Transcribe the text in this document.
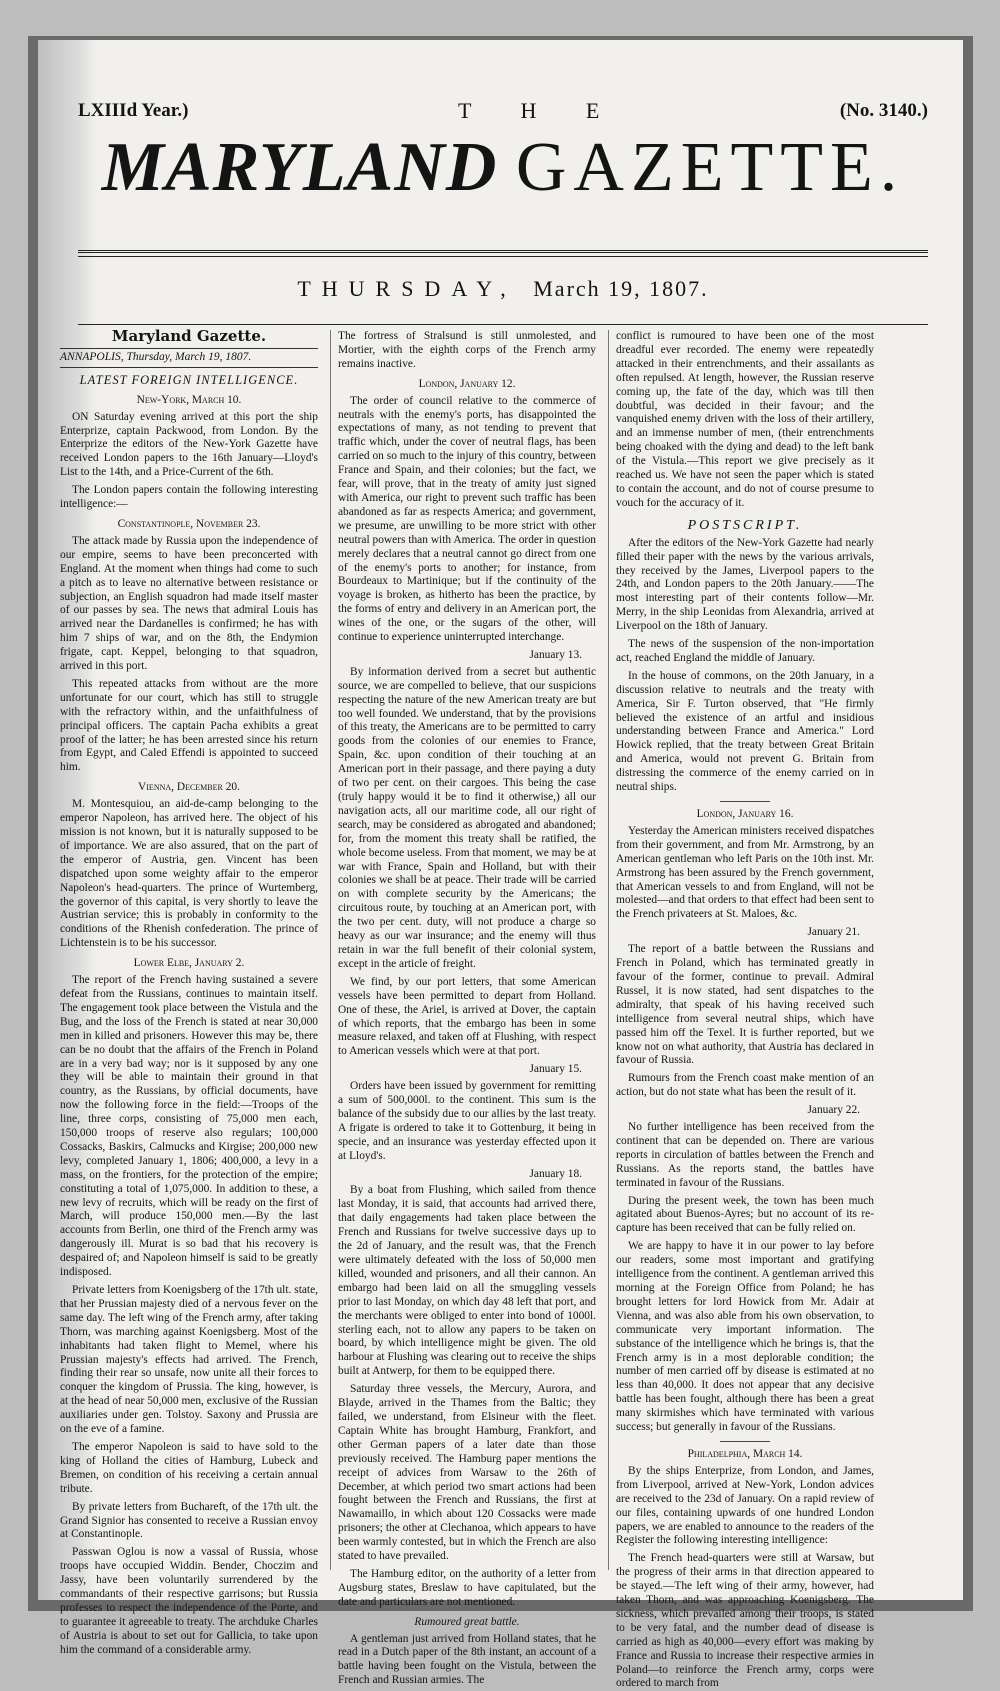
LXIIId Year.)	T H E	(No. 3140.)
MARYLAND GAZETTE.
THURSDAY, March 19, 1807.
Maryland Gazette.
ANNAPOLIS, Thursday, March 19, 1807.
LATEST FOREIGN INTELLIGENCE.
New-York, March 10.

ON Saturday evening arrived at this port the ship Enterprize, captain Packwood, from London. By the Enterprize the editors of the New-York Gazette have received London papers to the 16th January—Lloyd's List to the 14th, and a Price-Current of the 6th.

The London papers contain the following interesting intelligence:—

Constantinople, November 23.

The attack made by Russia upon the independence of our empire, seems to have been preconcerted with England. At the moment when things had come to such a pitch as to leave no alternative between resistance or subjection, an English squadron had made itself master of our passes by sea. The news that admiral Louis has arrived near the Dardanelles is confirmed; he has with him 7 ships of war, and on the 8th, the Endymion frigate, capt. Keppel, belonging to that squadron, arrived in this port.

This repeated attacks from without are the more unfortunate for our court, which has still to struggle with the refractory within, and the unfaithfulness of principal officers. The captain Pacha exhibits a great proof of the latter; he has been arrested since his return from Egypt, and Caled Effendi is appointed to succeed him.

Vienna, December 20.

M. Montesquiou, an aid-de-camp belonging to the emperor Napoleon, has arrived here. The object of his mission is not known, but it is naturally supposed to be of importance. We are also assured, that on the part of the emperor of Austria, gen. Vincent has been dispatched upon some weighty affair to the emperor Napoleon's head-quarters. The prince of Wurtemberg, the governor of this capital, is very shortly to leave the Austrian service; this is probably in conformity to the conditions of the Rhenish confederation. The prince of Lichtenstein is to be his successor.

Lower Elbe, January 2.

The report of the French having sustained a severe defeat from the Russians, continues to maintain itself. The engagement took place between the Vistula and the Bug, and the loss of the French is stated at near 30,000 men in killed and prisoners. However this may be, there can be no doubt that the affairs of the French in Poland are in a very bad way; nor is it supposed by any one they will be able to maintain their ground in that country, as the Russians, by official documents, have now the following force in the field:—Troops of the line, three corps, consisting of 75,000 men each, 150,000 troops of reserve also regulars; 100,000 Cossacks, Baskirs, Calmucks and Kirgise; 200,000 new levy, completed January 1, 1806; 400,000, a levy in a mass, on the frontiers, for the protection of the empire; constituting a total of 1,075,000. In addition to these, a new levy of recruits, which will be ready on the first of March, will produce 150,000 men.—By the last accounts from Berlin, one third of the French army was dangerously ill. Murat is so bad that his recovery is despaired of; and Napoleon himself is said to be greatly indisposed.

Private letters from Koenigsberg of the 17th ult. state, that her Prussian majesty died of a nervous fever on the same day. The left wing of the French army, after taking Thorn, was marching against Koenigsberg. Most of the inhabitants had taken flight to Memel, where his Prussian majesty's effects had arrived. The French, finding their rear so unsafe, now unite all their forces to conquer the kingdom of Prussia. The king, however, is at the head of near 50,000 men, exclusive of the Russian auxiliaries under gen. Tolstoy. Saxony and Prussia are on the eve of a famine.

The emperor Napoleon is said to have sold to the king of Holland the cities of Hamburg, Lubeck and Bremen, on condition of his receiving a certain annual tribute.

By private letters from Buchareft, of the 17th ult. the Grand Signior has consented to receive a Russian envoy at Constantinople.

Passwan Oglou is now a vassal of Russia, whose troops have occupied Widdin. Bender, Choczim and Jassy, have been voluntarily surrendered by the commandants of their respective garrisons; but Russia professes to respect the independence of the Porte, and to guarantee it agreeable to treaty. The archduke Charles of Austria is about to set out for Gallicia, to take upon him the command of a considerable army.

The fortress of Stralsund is still unmolested, and Mortier, with the eighth corps of the French army remains inactive.

London, January 12.

The order of council relative to the commerce of neutrals with the enemy's ports, has disappointed the expectations of many, as not tending to prevent that traffic which, under the cover of neutral flags, has been carried on so much to the injury of this country, between France and Spain, and their colonies; but the fact, we fear, will prove, that in the treaty of amity just signed with America, our right to prevent such traffic has been abandoned as far as respects America; and government, we presume, are unwilling to be more strict with other neutral powers than with America. The order in question merely declares that a neutral cannot go direct from one of the enemy's ports to another; for instance, from Bourdeaux to Martinique; but if the continuity of the voyage is broken, as hitherto has been the practice, by the forms of entry and delivery in an American port, the wines of the one, or the sugars of the other, will continue to experience uninterrupted interchange.

January 13.

By information derived from a secret but authentic source, we are compelled to believe, that our suspicions respecting the nature of the new American treaty are but too well founded. We understand, that by the provisions of this treaty, the Americans are to be permitted to carry goods from the colonies of our enemies to France, Spain, &c. upon condition of their touching at an American port in their passage, and there paying a duty of two per cent. on their cargoes. This being the case (truly happy would it be to find it otherwise,) all our navigation acts, all our maritime code, all our right of search, may be considered as abrogated and abandoned; for, from the moment this treaty shall be ratified, the whole become useless. From that moment, we may be at war with France, Spain and Holland, but with their colonies we shall be at peace. Their trade will be carried on with complete security by the Americans; the circuitous route, by touching at an American port, with the two per cent. duty, will not produce a charge so heavy as our war insurance; and the enemy will thus retain in war the full benefit of their colonial system, except in the article of freight.

We find, by our port letters, that some American vessels have been permitted to depart from Holland. One of these, the Ariel, is arrived at Dover, the captain of which reports, that the embargo has been in some measure relaxed, and taken off at Flushing, with respect to American vessels which were at that port.

January 15.

Orders have been issued by government for remitting a sum of 500,000l. to the continent. This sum is the balance of the subsidy due to our allies by the last treaty. A frigate is ordered to take it to Gottenburg, it being in specie, and an insurance was yesterday effected upon it at Lloyd's.

January 18.

By a boat from Flushing, which sailed from thence last Monday, it is said, that accounts had arrived there, that daily engagements had taken place between the French and Russians for twelve successive days up to the 2d of January, and the result was, that the French were ultimately defeated with the loss of 50,000 men killed, wounded and prisoners, and all their cannon. An embargo had been laid on all the smuggling vessels prior to last Monday, on which day 48 left that port, and the merchants were obliged to enter into bond of 1000l. sterling each, not to allow any papers to be taken on board, by which intelligence might be given. The old harbour at Flushing was clearing out to receive the ships built at Antwerp, for them to be equipped there.

Saturday three vessels, the Mercury, Aurora, and Blayde, arrived in the Thames from the Baltic; they failed, we understand, from Elsineur with the fleet. Captain White has brought Hamburg, Frankfort, and other German papers of a later date than those previously received. The Hamburg paper mentions the receipt of advices from Warsaw to the 26th of December, at which period two smart actions had been fought between the French and Russians, the first at Nawamaillo, in which about 120 Cossacks were made prisoners; the other at Clechanoa, which appears to have been warmly contested, but in which the French are also stated to have prevailed.

The Hamburg editor, on the authority of a letter from Augsburg states, Breslaw to have capitulated, but the date and particulars are not mentioned.

Rumoured great battle.

A gentleman just arrived from Holland states, that he read in a Dutch paper of the 8th instant, an account of a battle having been fought on the Vistula, between the French and Russian armies. The

conflict is rumoured to have been one of the most dreadful ever recorded. The enemy were repeatedly attacked in their entrenchments, and their assailants as often repulsed. At length, however, the Russian reserve coming up, the fate of the day, which was till then doubtful, was decided in their favour; and the vanquished enemy driven with the loss of their artillery, and an immense number of men, (their entrenchments being choaked with the dying and dead) to the left bank of the Vistula.—This report we give precisely as it reached us. We have not seen the paper which is stated to contain the account, and do not of course presume to vouch for the accuracy of it.

POSTSCRIPT.

After the editors of the New-York Gazette had nearly filled their paper with the news by the various arrivals, they received by the James, Liverpool papers to the 24th, and London papers to the 20th January.——The most interesting part of their contents follow—Mr. Merry, in the ship Leonidas from Alexandria, arrived at Liverpool on the 18th of January.

The news of the suspension of the non-importation act, reached England the middle of January.

In the house of commons, on the 20th January, in a discussion relative to neutrals and the treaty with America, Sir F. Turton observed, that "He firmly believed the existence of an artful and insidious understanding between France and America." Lord Howick replied, that the treaty between Great Britain and America, would not prevent G. Britain from distressing the commerce of the enemy carried on in neutral ships.

London, January 16.

Yesterday the American ministers received dispatches from their government, and from Mr. Armstrong, by an American gentleman who left Paris on the 10th inst. Mr. Armstrong has been assured by the French government, that American vessels to and from England, will not be molested—and that orders to that effect had been sent to the French privateers at St. Maloes, &c.

January 21.

The report of a battle between the Russians and French in Poland, which has terminated greatly in favour of the former, continue to prevail. Admiral Russel, it is now stated, had sent dispatches to the admiralty, that speak of his having received such intelligence from several neutral ships, which have passed him off the Texel. It is further reported, but we know not on what authority, that Austria has declared in favour of Russia.

Rumours from the French coast make mention of an action, but do not state what has been the result of it.

January 22.

No further intelligence has been received from the continent that can be depended on. There are various reports in circulation of battles between the French and Russians. As the reports stand, the battles have terminated in favour of the Russians.

During the present week, the town has been much agitated about Buenos-Ayres; but no account of its re-capture has been received that can be fully relied on.

We are happy to have it in our power to lay before our readers, some most important and gratifying intelligence from the continent. A gentleman arrived this morning at the Foreign Office from Poland; he has brought letters for lord Howick from Mr. Adair at Vienna, and was also able from his own observation, to communicate very important information. The substance of the intelligence which he brings is, that the French army is in a most deplorable condition; the number of men carried off by disease is estimated at no less than 40,000. It does not appear that any decisive battle has been fought, although there has been a great many skirmishes which have terminated with various success; but generally in favour of the Russians.

Philadelphia, March 14.

By the ships Enterprize, from London, and James, from Liverpool, arrived at New-York, London advices are received to the 23d of January. On a rapid review of our files, containing upwards of one hundred London papers, we are enabled to announce to the readers of the Register the following interesting intelligence:

The French head-quarters were still at Warsaw, but the progress of their arms in that direction appeared to be stayed.—The left wing of their army, however, had taken Thorn, and was approaching Koenigsberg. The sickness, which prevailed among their troops, is stated to be very fatal, and the number dead of disease is carried as high as 40,000—every effort was making by France and Russia to increase their respective armies in Poland—to reinforce the French army, corps were ordered to march from
